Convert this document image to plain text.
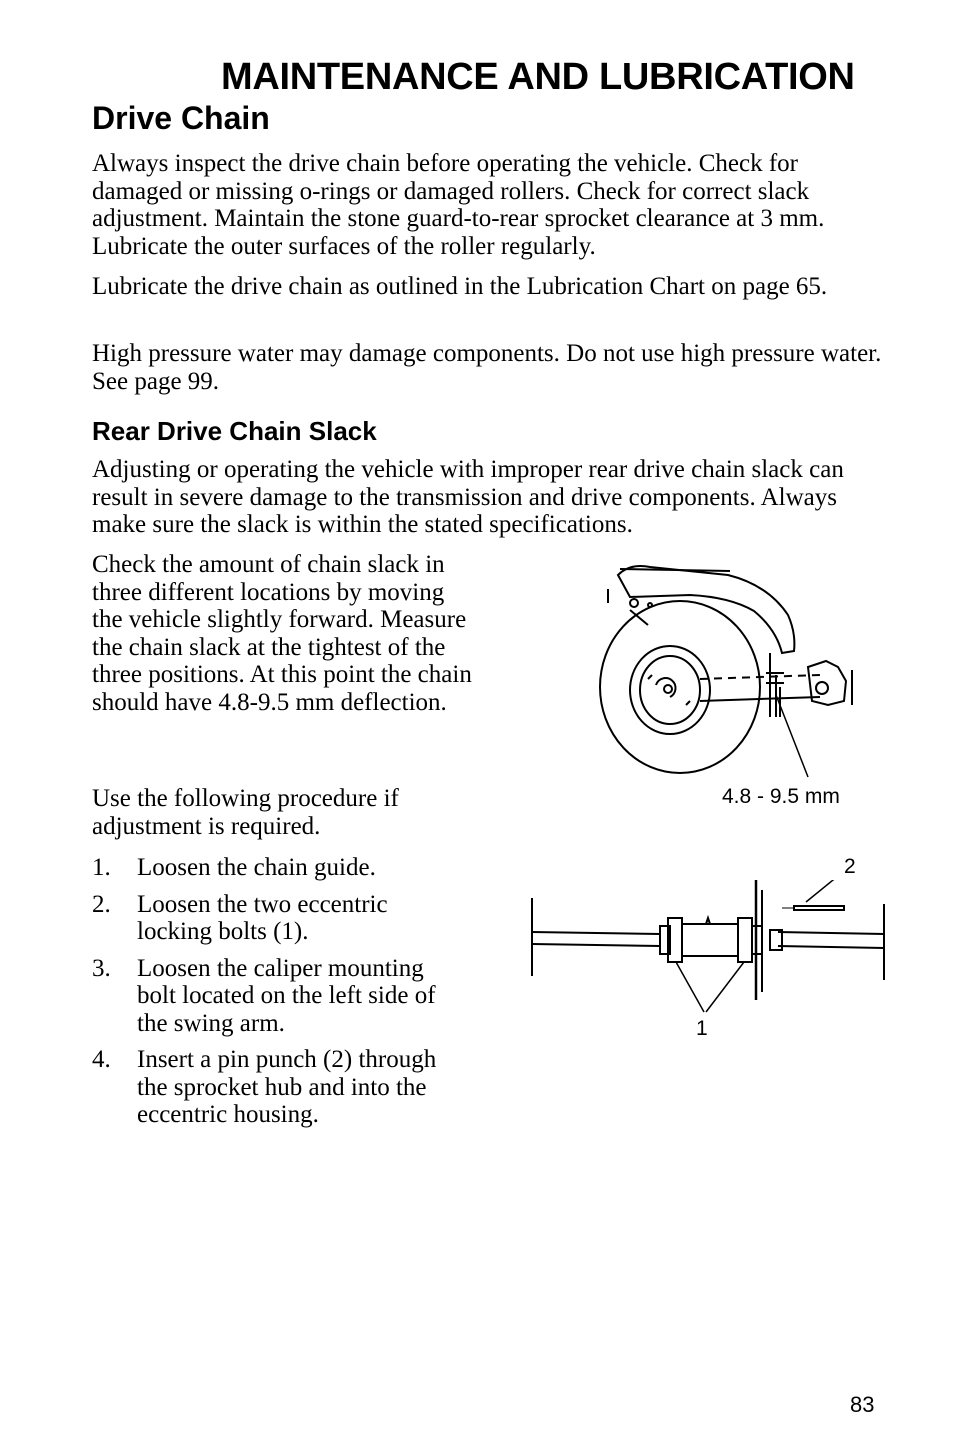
MAINTENANCE AND LUBRICATION
Drive Chain

Always inspect the drive chain before operating the vehicle. Check for damaged or missing o-rings or damaged rollers. Check for correct slack adjustment. Maintain the stone guard-to-rear sprocket clearance at 3 mm. Lubricate the outer surfaces of the roller regularly.

Lubricate the drive chain as outlined in the Lubrication Chart on page 65.

High pressure water may damage components. Do not use high pressure water. See page 99.

Rear Drive Chain Slack

Adjusting or operating the vehicle with improper rear drive chain slack can result in severe damage to the transmission and drive components. Always make sure the slack is within the stated specifications.

Check the amount of chain slack in three different locations by moving the vehicle slightly forward. Measure the chain slack at the tightest of the three positions. At this point the chain should have 4.8-9.5 mm deflection.

Use the following procedure if adjustment is required.

1. Loosen the chain guide.
2. Loosen the two eccentric locking bolts (1).
3. Loosen the caliper mounting bolt located on the left side of the swing arm.
4. Insert a pin punch (2) through the sprocket hub and into the eccentric housing.
4.8 - 9.5 mm
2
1
83
